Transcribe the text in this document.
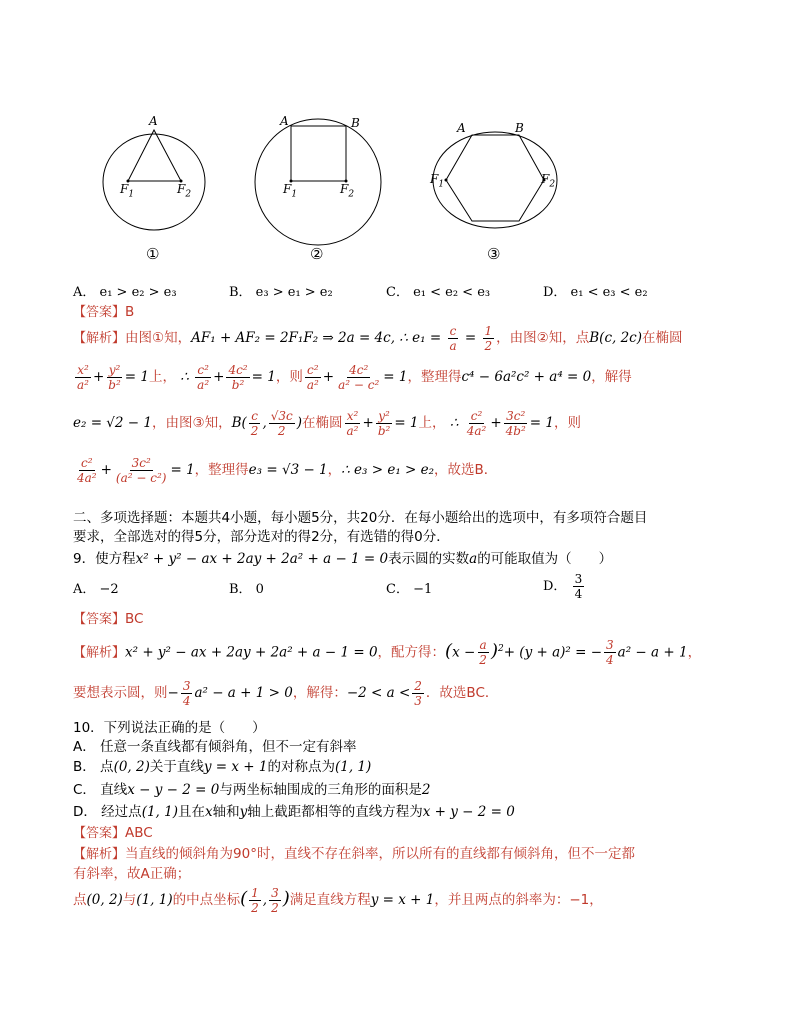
A
$F_1$	$F_2$
①
A	B
$F_1$	$F_2$
②
A	B
$F_1$	$F_2$
③
A． e₁ > e₂ > e₃	B． e₃ > e₁ > e₂	C． e₁ < e₂ < e₃	D． e₁ < e₃ < e₂
【答案】B
【解析】由图①知，AF₁ + AF₂ = 2F₁F₂ ⇒ 2a = 4c, ∴ $e_1 = \frac{c}{a} = \frac{1}{2}$ ，由图②知，点B(c, 2c)在椭圆
$\frac{\text{x²}}{\text{a²}} + \frac{\text{y²}}{\text{b²}} = 1$上， ∴ $\frac{\text{c²}}{\text{a²}} + \frac{\text{4c²}}{\text{b²}} = 1$，则 $\frac{\text{c²}}{\text{a²}} + \frac{\text{4c²}}{\text{a² − c²}} = 1$，整理得c⁴ − 6a²c² + a⁴ = 0，解得
e₂ = √2 − 1，由图③知，$B( \frac{c}{2}$ , $\frac{√3c}{2}$ )在椭圆 $\frac{\text{x²}}{\text{a²}} + \frac{\text{y²}}{\text{b²}} = 1$上， ∴ $\frac{\text{c²}}{\text{4a²}} + \frac{\text{3c²}}{\text{4b²}} = 1$，则
$\frac{\text{c²}}{\text{4a²}} + \frac{\text{3c²}}{\text{(a² − c²)}} = 1$，整理得e₃ = √3 − 1，∴ e₃ > e₁ > e₂，故选B．
二、多项选择题：本题共4小题，每小题5分，共20分．在每小题给出的选项中，有多项符合题目
要求，全部选对的得5分，部分选对的得2分，有选错的得0分．
9．使方程x² + y² − ax + 2ay + 2a² + a − 1 = 0表示圆的实数a的可能取值为（　　）
A． −2	B． 0	C． −1	D． $\frac{3}{4}$
【答案】BC
【解析】x² + y² − ax + 2ay + 2a² + a − 1 = 0，配方得：$(x - \frac{a}{2} )^2+ (y + a)^2$ = − $\frac{3}{4} a^2 - a + 1$，
要想表示圆，则− $\frac{3}{4} a^2 - a + 1 > 0$，解得：$-2 < a < \frac{2}{3}$ ．故选BC．
10．下列说法正确的是（　　）
A． 任意一条直线都有倾斜角，但不一定有斜率
B． 点(0, 2)关于直线y = x + 1的对称点为(1, 1)
C． 直线x − y − 2 = 0与两坐标轴围成的三角形的面积是2
D． 经过点(1, 1)且在x轴和y轴上截距都相等的直线方程为x + y − 2 = 0
【答案】ABC
【解析】当直线的倾斜角为90°时，直线不存在斜率，所以所有的直线都有倾斜角，但不一定都
有斜率，故A正确；
点(0, 2)与(1, 1)的中点坐标( $\frac{1}{2}$ , $\frac{3}{2}$ )满足直线方程y = x + 1，并且两点的斜率为：−1，
